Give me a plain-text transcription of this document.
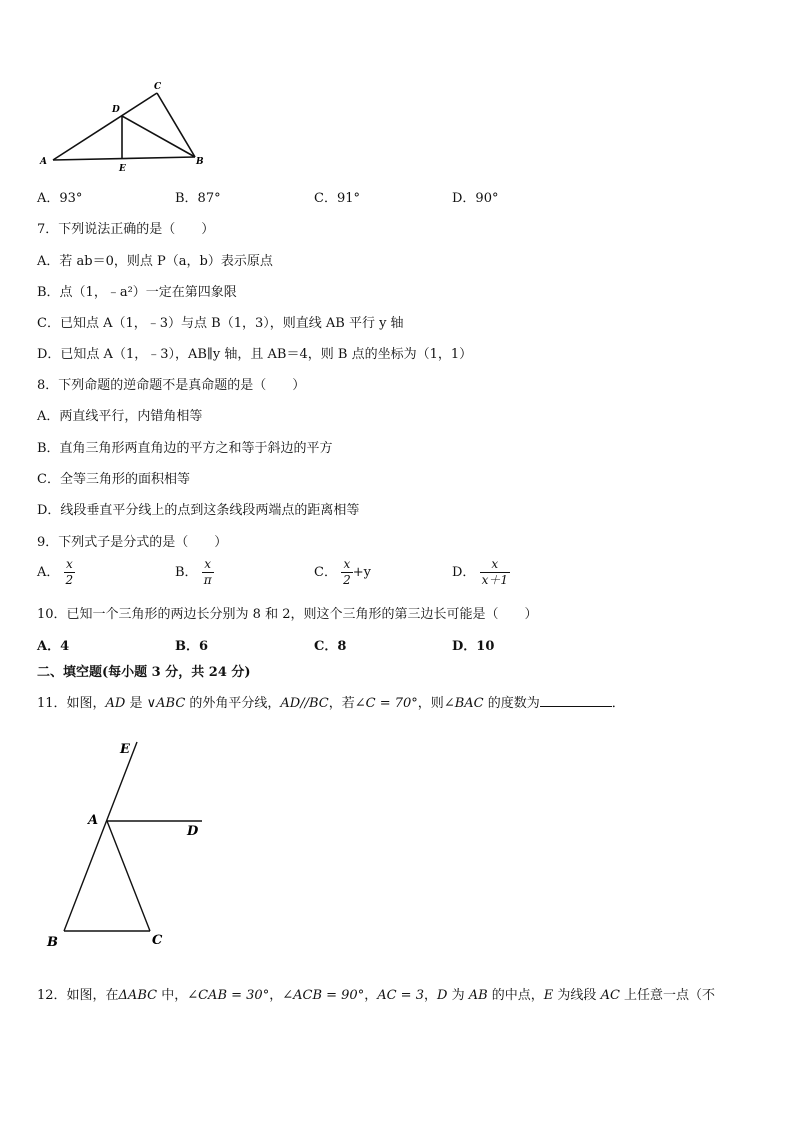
A	B
C
D
E
A．93°	B．87°	C．91°	D．90°
7．下列说法正确的是（　　）
A．若 ab＝0，则点 P（a，b）表示原点
B．点（1，﹣a²）一定在第四象限
C．已知点 A（1，﹣3）与点 B（1，3），则直线 AB 平行 y 轴
D．已知点 A（1，﹣3），AB∥y 轴，且 AB＝4，则 B 点的坐标为（1，1）
8．下列命题的逆命题不是真命题的是（　　）
A．两直线平行，内错角相等
B．直角三角形两直角边的平方之和等于斜边的平方
C．全等三角形的面积相等
D．线段垂直平分线上的点到这条线段两端点的距离相等
9．下列式子是分式的是（　　）
A． $\frac{x}{2}$	B． $\frac{x}{\pi}$	C． $\frac{x}{2} +y$	D． $\frac{x}{x+1}$
10．已知一个三角形的两边长分别为 8 和 2，则这个三角形的第三边长可能是（　　）
A．4	B．6	C．8	D．10
二、填空题(每小题 3 分，共 24 分)
11．如图，AD 是 ∨ABC 的外角平分线，AD//BC，若∠C = 70°，则∠BAC 的度数为	．
E
A
D
B	C
12．如图，在ΔABC 中，∠CAB = 30°，∠ACB = 90°，AC = 3，D 为 AB 的中点，E 为线段 AC 上任意一点（不
